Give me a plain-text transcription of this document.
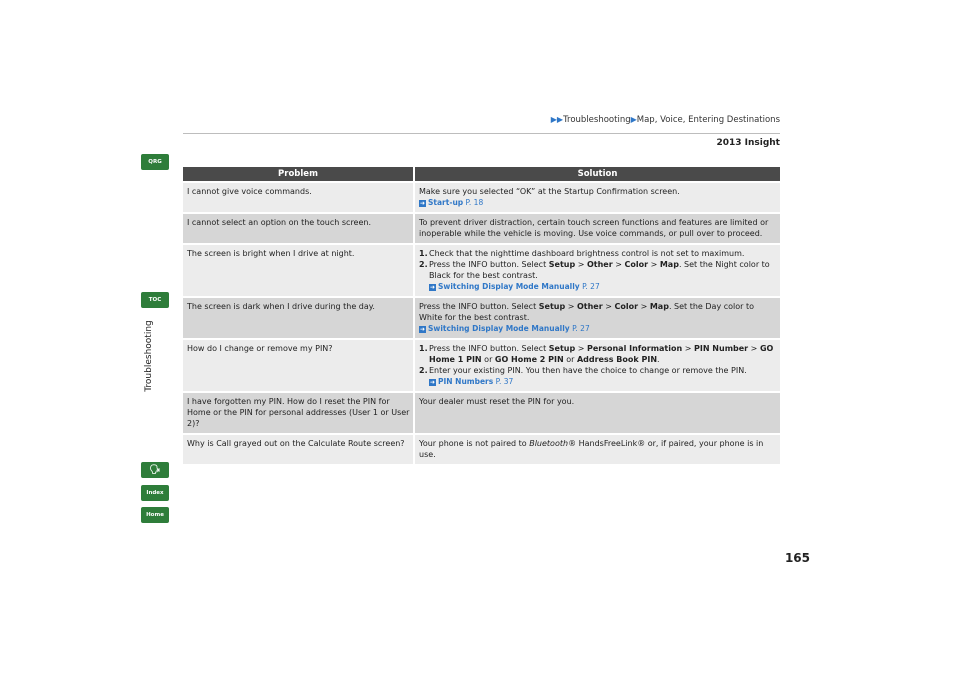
▶▶Troubleshooting▶Map, Voice, Entering Destinations
2013 Insight
QRG
TOC
Troubleshooting
🗣
Index
Home
Problem	Solution
I cannot give voice commands.	Make sure you selected “OK” at the Startup Confirmation screen.
➜ Start-up P. 18

I cannot select an option on the touch screen.	To prevent driver distraction, certain touch screen functions and features are limited or inoperable while the vehicle is moving. Use voice commands, or pull over to proceed.
The screen is bright when I drive at night.	1.Check that the nighttime dashboard brightness control is not set to maximum.
2.Press the INFO button. Select Setup > Other > Color > Map. Set the Night color to Black for the best contrast.
➜ Switching Display Mode Manually P. 27

The screen is dark when I drive during the day.	Press the INFO button. Select Setup > Other > Color > Map. Set the Day color to White for the best contrast.
➜ Switching Display Mode Manually P. 27

How do I change or remove my PIN?	1.Press the INFO button. Select Setup > Personal Information > PIN Number > GO Home 1 PIN or GO Home 2 PIN or Address Book PIN.
2.Enter your existing PIN. You then have the choice to change or remove the PIN.
➜ PIN Numbers P. 37

I have forgotten my PIN. How do I reset the PIN for Home or the PIN for personal addresses (User 1 or User 2)?	Your dealer must reset the PIN for you.
Why is Call grayed out on the Calculate Route screen?	Your phone is not paired to Bluetooth® HandsFreeLink® or, if paired, your phone is in use.
165
